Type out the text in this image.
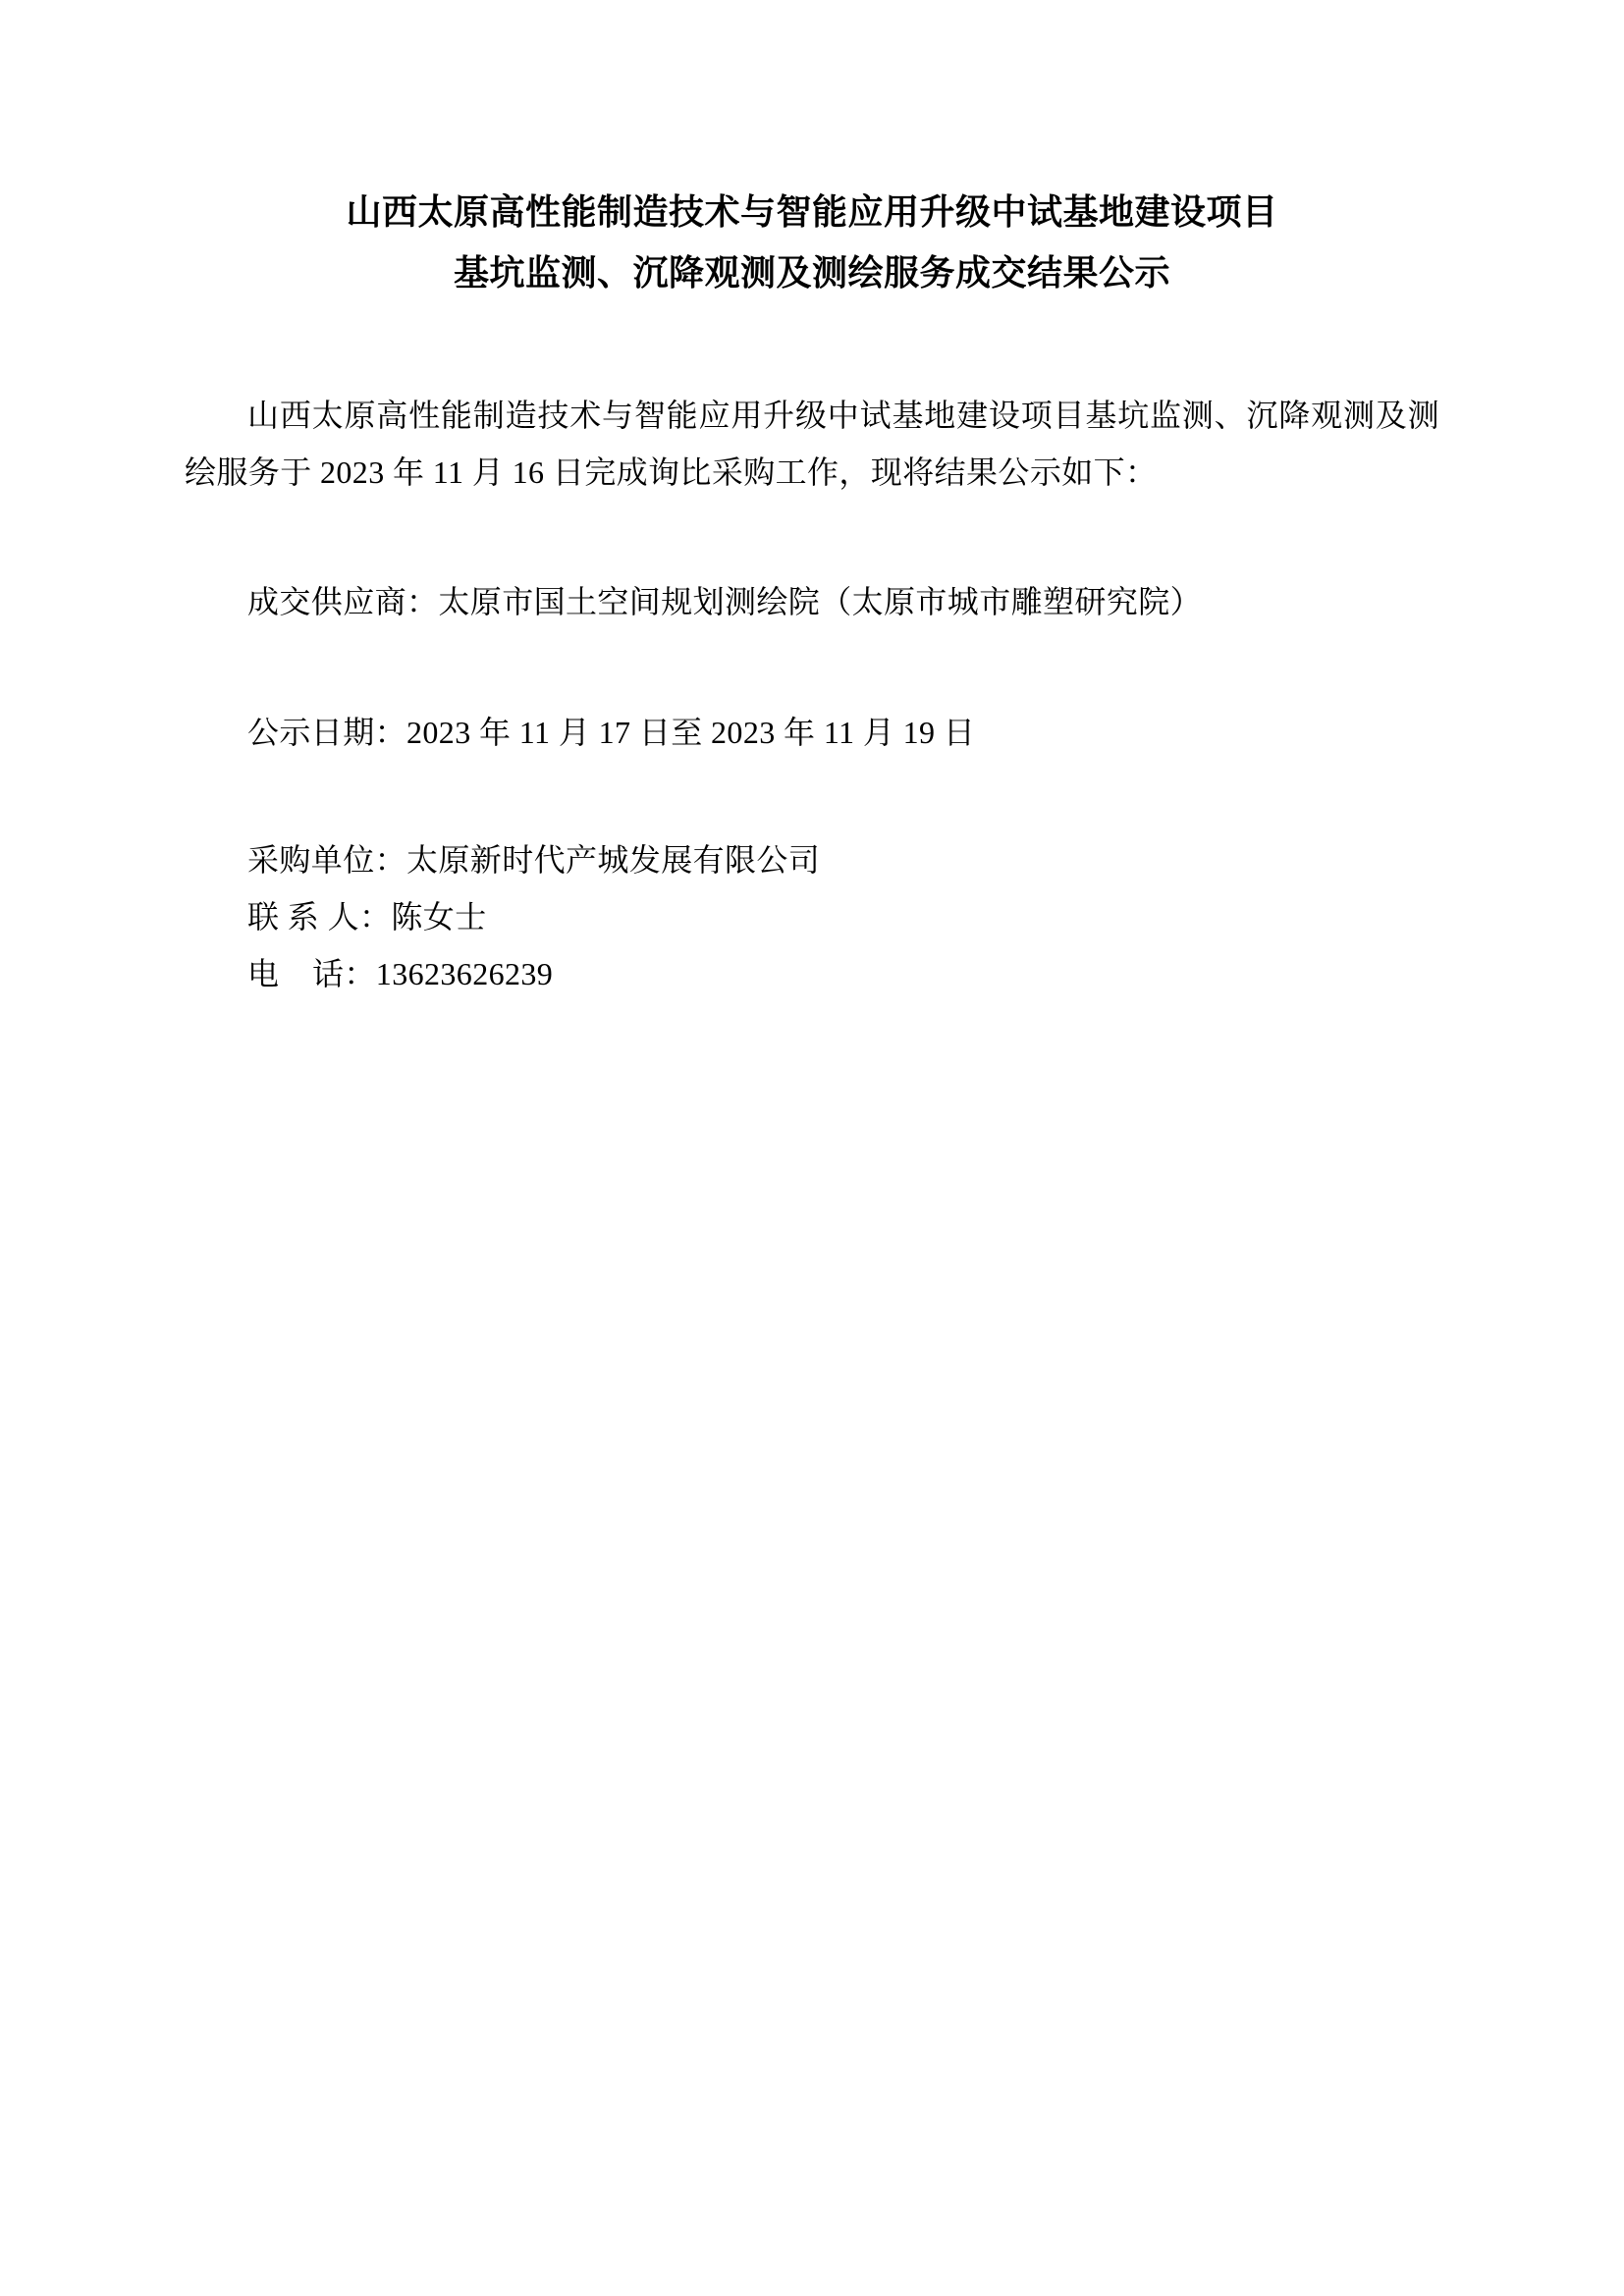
山西太原高性能制造技术与智能应用升级中试基地建设项目
基坑监测、沉降观测及测绘服务成交结果公示

山西太原高性能制造技术与智能应用升级中试基地建设项目基坑监测、沉降观测及测绘服务于 2023 年 11 月 16 日完成询比采购工作，现将结果公示如下：

成交供应商：太原市国土空间规划测绘院（太原市城市雕塑研究院）

公示日期：2023 年 11 月 17 日至 2023 年 11 月 19 日

采购单位：太原新时代产城发展有限公司

联 系 人：陈女士

电    话：13623626239
